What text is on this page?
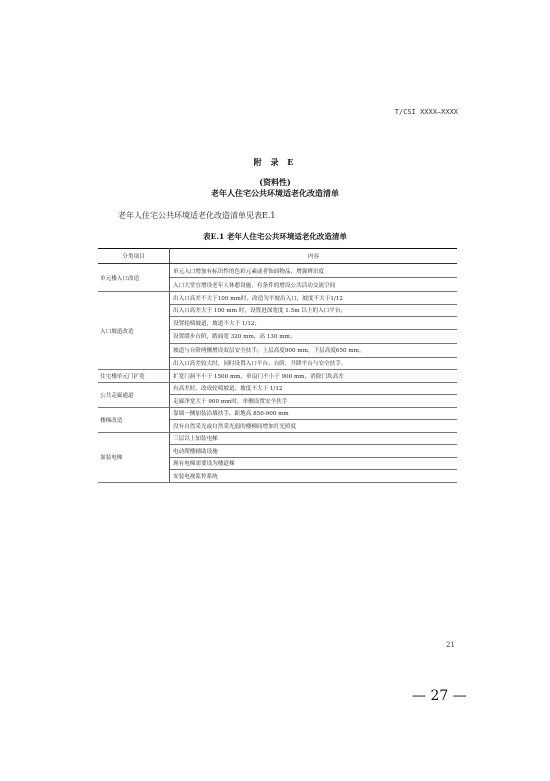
T/CSI XXXX—XXXX
附 录 E
(资料性)
老年人住宅公共环境适老化改造清单
老年人住宅公共环境适老化改造清单见表E.1
表E.1 老年人住宅公共环境适老化改造清单
分类项目	内容
单元楼入口改造	单元入口增加有标识性的色彩元素或者饰面物品，增强辨识度
	入口大堂宜增设老年人休憩设施，有条件的增设公共活动交流空间
入口坡道改造	出入口高差不大于100 mm时，改造为平坡出入口，坡度不大于1/12
	出入口高差大于 100 mm 时，设置进深宽度 1.5m 以上的入口平台；
	设置轮椅坡道，坡道不大于 1/12；
	设置缓步台阶，踏面宽 320 mm，高 130 mm；
	坡道与台阶两侧增设双层安全扶手，上层高度900 mm，下层高度650 mm。
	出入口高差较大时，同时设置入口平台、台阶、升降平台与安全扶手。
住宅楼单元门扩宽	扩宽门洞不小于 1500 mm，单扇门不小于 900 mm，消除门坎高差
公共走廊通道	有高差时，改成轮椅坡道，坡度不大于 1/12
	走廊净宽大于 900 mm时，单侧设置安全扶手
楼梯改造	靠墙一侧加装沿墙扶手，距地高 850-900 mm
	没有自然采光或自然采光弱的楼梯间增加灯光照度
加装电梯	三层以上加装电梯
	电动爬楼辅助设施
	现有电梯需要设为楼道梯
	安装电视监控系统
21
— 27 —
